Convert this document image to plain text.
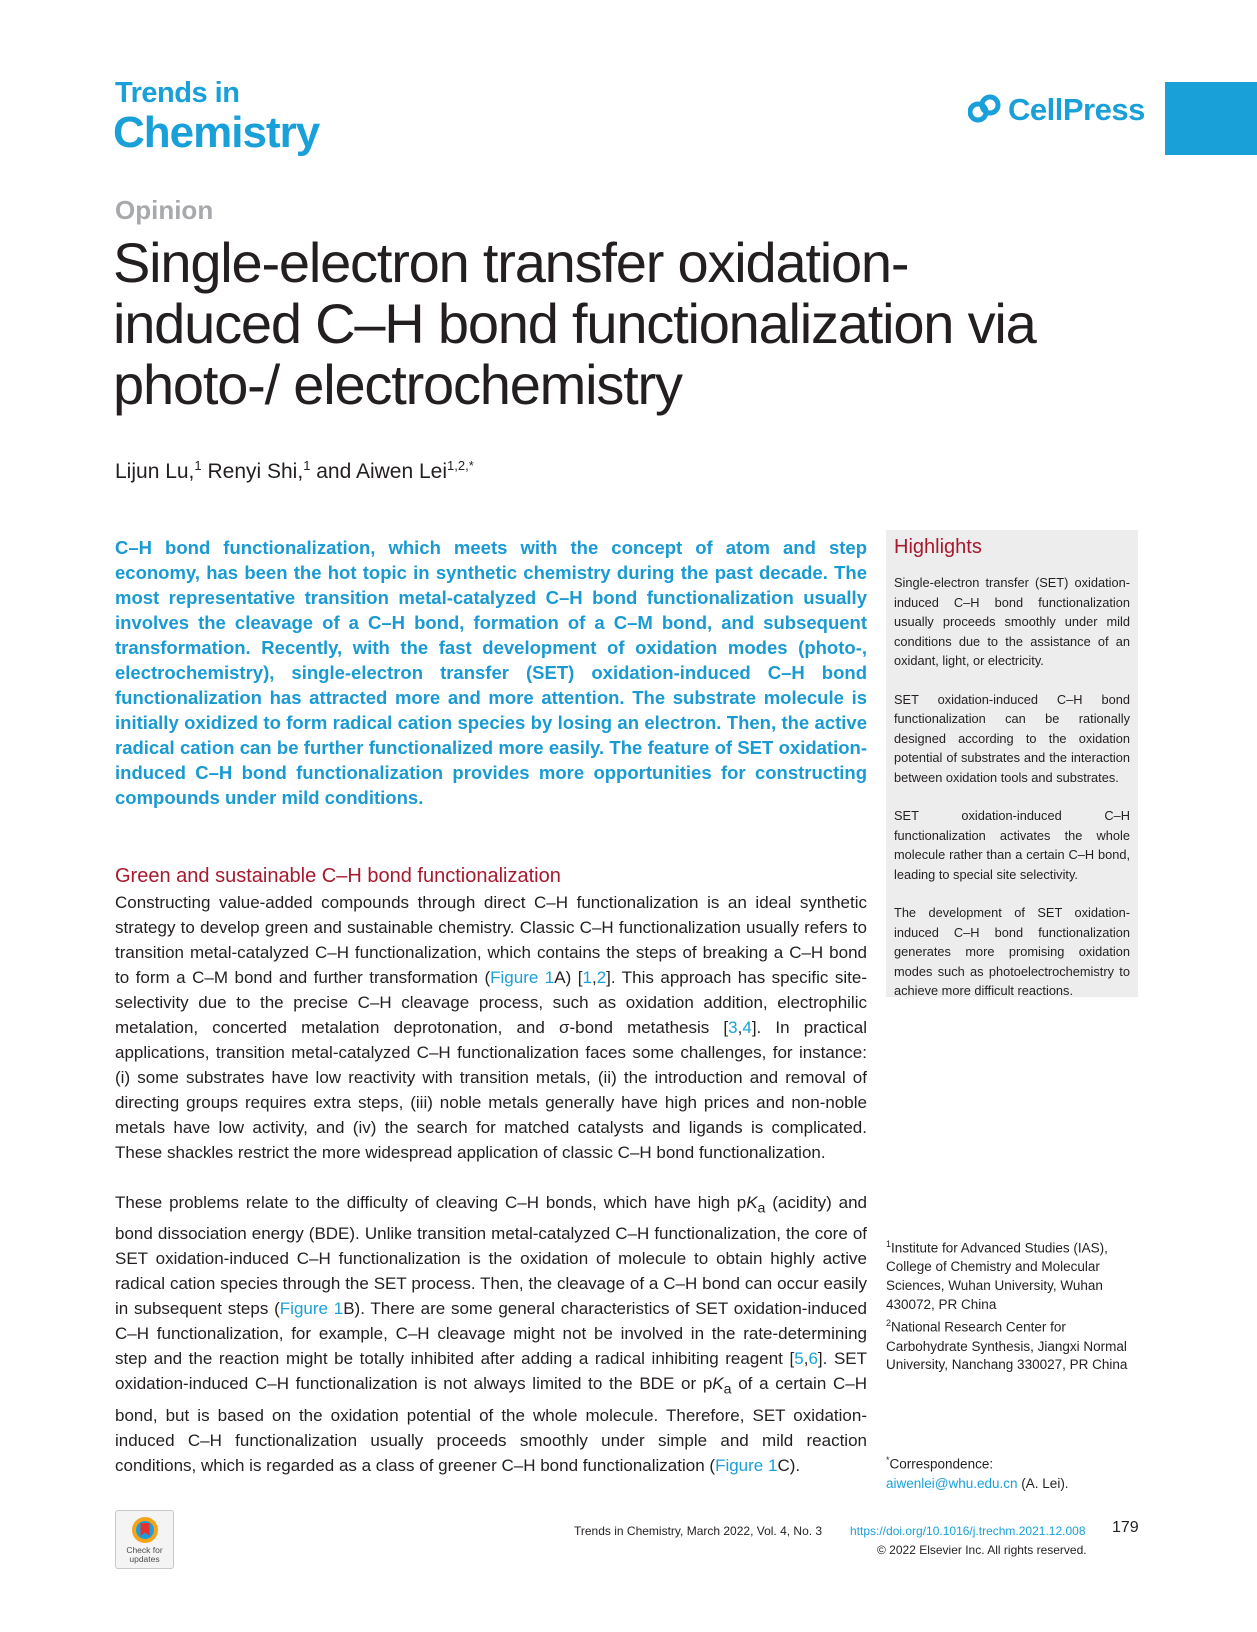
Trends in
Chemistry	CellPress
Opinion
Single-electron transfer oxidation-induced C–H bond functionalization via photo-/ electrochemistry
Lijun Lu,$^1$ Renyi Shi,$^1$ and Aiwen Lei$^{1,2,*}$
C–H bond functionalization, which meets with the concept of atom and step economy, has been the hot topic in synthetic chemistry during the past decade. The most representative transition metal-catalyzed C–H bond functionalization usually involves the cleavage of a C–H bond, formation of a C–M bond, and subsequent transformation. Recently, with the fast development of oxidation modes (photo-, electrochemistry), single-electron transfer (SET) oxidation-induced C–H bond functionalization has attracted more and more attention. The substrate molecule is initially oxidized to form radical cation species by losing an electron. Then, the active radical cation can be further functionalized more easily. The feature of SET oxidation-induced C–H bond functionalization provides more opportunities for constructing compounds under mild conditions.
Green and sustainable C–H bond functionalization
Constructing value-added compounds through direct C–H functionalization is an ideal synthetic strategy to develop green and sustainable chemistry. Classic C–H functionalization usually refers to transition metal-catalyzed C–H functionalization, which contains the steps of breaking a C–H bond to form a C–M bond and further transformation (Figure 1A) [1,2]. This approach has specific site-selectivity due to the precise C–H cleavage process, such as oxidation addition, electrophilic metalation, concerted metalation deprotonation, and σ-bond metathesis [3,4]. In practical applications, transition metal-catalyzed C–H functionalization faces some challenges, for instance: (i) some substrates have low reactivity with transition metals, (ii) the introduction and removal of directing groups requires extra steps, (iii) noble metals generally have high prices and non-noble metals have low activity, and (iv) the search for matched catalysts and ligands is complicated. These shackles restrict the more widespread application of classic C–H bond functionalization.
These problems relate to the difficulty of cleaving C–H bonds, which have high $pK_a$ (acidity) and bond dissociation energy (BDE). Unlike transition metal-catalyzed C–H functionalization, the core of SET oxidation-induced C–H functionalization is the oxidation of molecule to obtain highly active radical cation species through the SET process. Then, the cleavage of a C–H bond can occur easily in subsequent steps (Figure 1B). There are some general characteristics of SET oxidation-induced C–H functionalization, for example, C–H cleavage might not be involved in the rate-determining step and the reaction might be totally inhibited after adding a radical inhibiting reagent [5,6]. SET oxidation-induced C–H functionalization is not always limited to the BDE or $pK_a$ of a certain C–H bond, but is based on the oxidation potential of the whole molecule. Therefore, SET oxidation-induced C–H functionalization usually proceeds smoothly under simple and mild reaction conditions, which is regarded as a class of greener C–H bond functionalization (Figure 1C).
Highlights
Single-electron transfer (SET) oxidation-induced C–H bond functionalization usually proceeds smoothly under mild conditions due to the assistance of an oxidant, light, or electricity.
SET oxidation-induced C–H bond functionalization can be rationally designed according to the oxidation potential of substrates and the interaction between oxidation tools and substrates.
SET oxidation-induced C–H functionalization activates the whole molecule rather than a certain C–H bond, leading to special site selectivity.
The development of SET oxidation-induced C–H bond functionalization generates more promising oxidation modes such as photoelectrochemistry to achieve more difficult reactions.
$^1$Institute for Advanced Studies (IAS), College of Chemistry and Molecular Sciences, Wuhan University, Wuhan 430072, PR China
$^2$National Research Center for Carbohydrate Synthesis, Jiangxi Normal University, Nanchang 330027, PR China
*Correspondence:
aiwenlei@whu.edu.cn (A. Lei).
Check for updates
Trends in Chemistry, March 2022, Vol. 4, No. 3 https://doi.org/10.1016/j.trechm.2021.12.008 179
© 2022 Elsevier Inc. All rights reserved.
